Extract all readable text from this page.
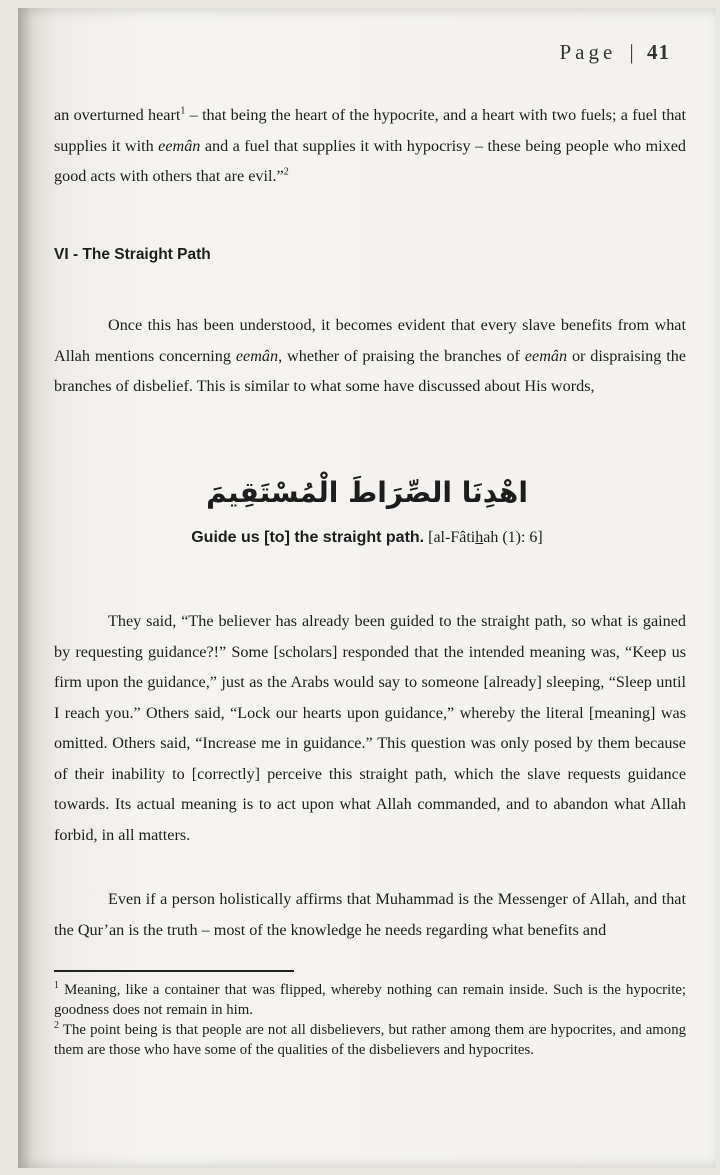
Page | 41

an overturned heart$^1$ – that being the heart of the hypocrite, and a heart with two fuels; a fuel that supplies it with eemân and a fuel that supplies it with hypocrisy – these being people who mixed good acts with others that are evil.”$^2$

VI - The Straight Path

Once this has been understood, it becomes evident that every slave benefits from what Allah mentions concerning eemân, whether of praising the branches of eemân or dispraising the branches of disbelief. This is similar to what some have discussed about His words,

اهْدِنَا الصِّرَاطَ الْمُسْتَقِيمَ
Guide us [to] the straight path. [al-Fâtihah (1): 6]

They said, “The believer has already been guided to the straight path, so what is gained by requesting guidance?!” Some [scholars] responded that the intended meaning was, “Keep us firm upon the guidance,” just as the Arabs would say to someone [already] sleeping, “Sleep until I reach you.” Others said, “Lock our hearts upon guidance,” whereby the literal [meaning] was omitted. Others said, “Increase me in guidance.” This question was only posed by them because of their inability to [correctly] perceive this straight path, which the slave requests guidance towards. Its actual meaning is to act upon what Allah commanded, and to abandon what Allah forbid, in all matters.

Even if a person holistically affirms that Muhammad is the Messenger of Allah, and that the Qur’an is the truth – most of the knowledge he needs regarding what benefits and

$^1$ Meaning, like a container that was flipped, whereby nothing can remain inside. Such is the hypocrite; goodness does not remain in him.

$^2$ The point being is that people are not all disbelievers, but rather among them are hypocrites, and among them are those who have some of the qualities of the disbelievers and hypocrites.
